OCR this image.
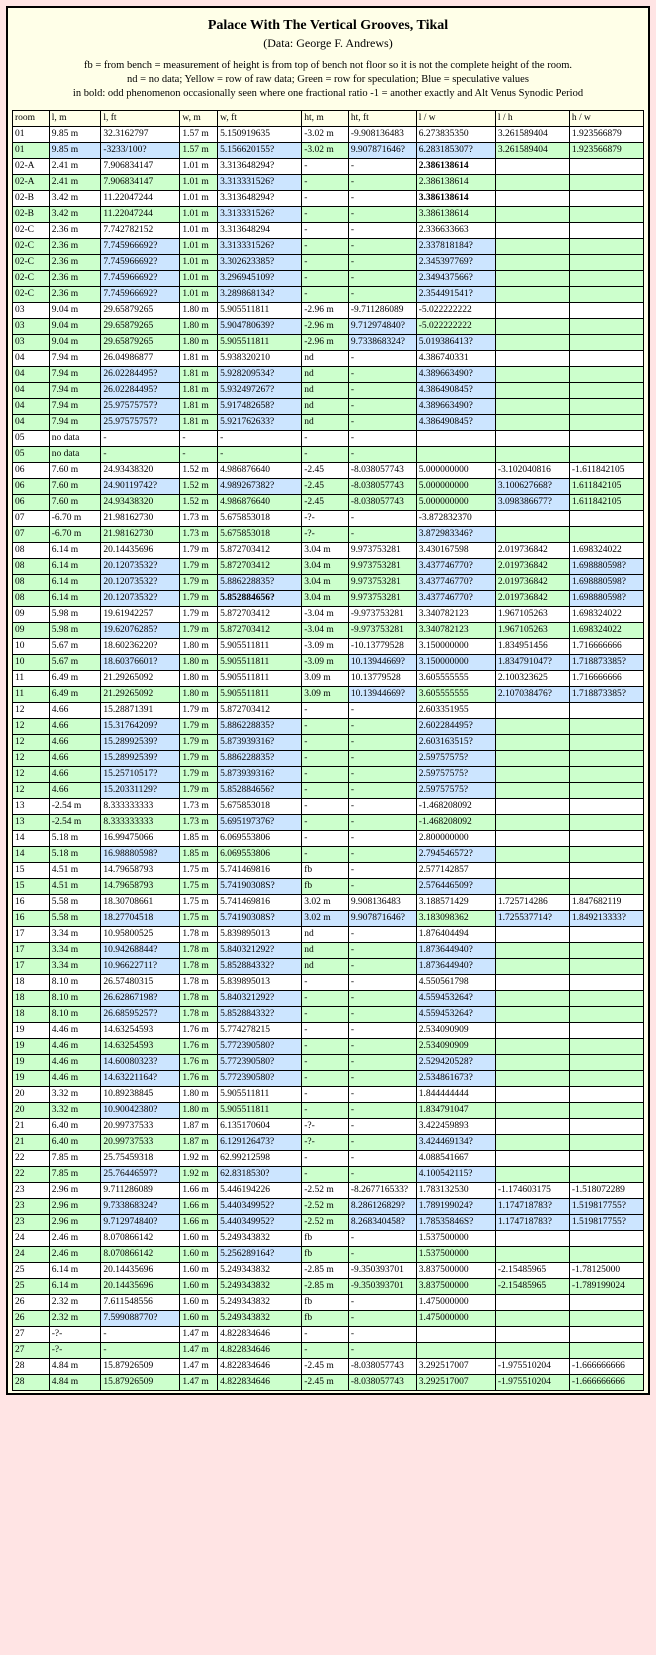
Palace With The Vertical Grooves, Tikal
(Data: George F. Andrews)
fb = from bench = measurement of height is from top of bench not floor so it is not the complete height of the room.
nd = no data; Yellow = row of raw data; Green = row for speculation; Blue = speculative values
in bold: odd phenomenon occasionally seen where one fractional ratio -1 = another exactly and Alt Venus Synodic Period
room	l, m	l, ft	w, m	w, ft	ht, m	ht, ft	l / w	l / h	h / w
01	9.85 m	32.3162797	1.57 m	5.150919635	-3.02 m	-9.908136483	6.273835350	3.261589404	1.923566879
01	9.85 m	-3233/100?	1.57 m	5.156620155?	-3.02 m	9.907871646?	6.283185307?	3.261589404	1.923566879
02-A	2.41 m	7.906834147	1.01 m	3.313648294?	-	-	2.386138614		
02-A	2.41 m	7.906834147	1.01 m	3.313331526?	-	-	2.386138614		
02-B	3.42 m	11.22047244	1.01 m	3.313648294?	-	-	3.386138614		
02-B	3.42 m	11.22047244	1.01 m	3.313331526?	-	-	3.386138614		
02-C	2.36 m	7.742782152	1.01 m	3.313648294	-	-	2.336633663		
02-C	2.36 m	7.745966692?	1.01 m	3.313331526?	-	-	2.337818184?		
02-C	2.36 m	7.745966692?	1.01 m	3.302623385?	-	-	2.345397769?		
02-C	2.36 m	7.745966692?	1.01 m	3.296945109?	-	-	2.349437566?		
02-C	2.36 m	7.745966692?	1.01 m	3.289868134?	-	-	2.354491541?		
03	9.04 m	29.65879265	1.80 m	5.905511811	-2.96 m	-9.711286089	-5.022222222		
03	9.04 m	29.65879265	1.80 m	5.904780639?	-2.96 m	9.712974840?	-5.022222222		
03	9.04 m	29.65879265	1.80 m	5.905511811	-2.96 m	9.733868324?	5.019386413?		
04	7.94 m	26.04986877	1.81 m	5.938320210	nd	-	4.386740331		
04	7.94 m	26.02284495?	1.81 m	5.928209534?	nd	-	4.389663490?		
04	7.94 m	26.02284495?	1.81 m	5.932497267?	nd	-	4.386490845?		
04	7.94 m	25.97575757?	1.81 m	5.917482658?	nd	-	4.389663490?		
04	7.94 m	25.97575757?	1.81 m	5.921762633?	nd	-	4.386490845?		
05	no data	-	-	-	-	-			
05	no data	-	-	-	-	-			
06	7.60 m	24.93438320	1.52 m	4.986876640	-2.45	-8.038057743	5.000000000	-3.102040816	-1.611842105
06	7.60 m	24.90119742?	1.52 m	4.989267382?	-2.45	-8.038057743	5.000000000	3.100627668?	1.611842105
06	7.60 m	24.93438320	1.52 m	4.986876640	-2.45	-8.038057743	5.000000000	3.098386677?	1.611842105
07	-6.70 m	21.98162730	1.73 m	5.675853018	-?-	-	-3.872832370		
07	-6.70 m	21.98162730	1.73 m	5.675853018	-?-	-	3.872983346?		
08	6.14 m	20.14435696	1.79 m	5.872703412	3.04 m	9.973753281	3.430167598	2.019736842	1.698324022
08	6.14 m	20.12073532?	1.79 m	5.872703412	3.04 m	9.973753281	3.437746770?	2.019736842	1.698880598?
08	6.14 m	20.12073532?	1.79 m	5.886228835?	3.04 m	9.973753281	3.437746770?	2.019736842	1.698880598?
08	6.14 m	20.12073532?	1.79 m	5.852884656?	3.04 m	9.973753281	3.437746770?	2.019736842	1.698880598?
09	5.98 m	19.61942257	1.79 m	5.872703412	-3.04 m	-9.973753281	3.340782123	1.967105263	1.698324022
09	5.98 m	19.62076285?	1.79 m	5.872703412	-3.04 m	-9.973753281	3.340782123	1.967105263	1.698324022
10	5.67 m	18.60236220?	1.80 m	5.905511811	-3.09 m	-10.13779528	3.150000000	1.834951456	1.716666666
10	5.67 m	18.60376601?	1.80 m	5.905511811	-3.09 m	10.13944669?	3.150000000	1.834791047?	1.718873385?
11	6.49 m	21.29265092	1.80 m	5.905511811	3.09 m	10.13779528	3.605555555	2.100323625	1.716666666
11	6.49 m	21.29265092	1.80 m	5.905511811	3.09 m	10.13944669?	3.605555555	2.107038476?	1.718873385?
12	4.66	15.28871391	1.79 m	5.872703412	-	-	2.603351955		
12	4.66	15.31764209?	1.79 m	5.886228835?	-	-	2.602284495?		
12	4.66	15.28992539?	1.79 m	5.873939316?	-	-	2.603163515?		
12	4.66	15.28992539?	1.79 m	5.886228835?	-	-	2.59757575?		
12	4.66	15.25710517?	1.79 m	5.873939316?	-	-	2.59757575?		
12	4.66	15.20331129?	1.79 m	5.852884656?	-	-	2.59757575?		
13	-2.54 m	8.333333333	1.73 m	5.675853018	-	-	-1.468208092		
13	-2.54 m	8.333333333	1.73 m	5.695197376?	-	-	-1.468208092		
14	5.18 m	16.99475066	1.85 m	6.069553806	-	-	2.800000000		
14	5.18 m	16.98880598?	1.85 m	6.069553806	-	-	2.794546572?		
15	4.51 m	14.79658793	1.75 m	5.741469816	fb	-	2.577142857		
15	4.51 m	14.79658793	1.75 m	5.74190308S?	fb	-	2.576446509?		
16	5.58 m	18.30708661	1.75 m	5.741469816	3.02 m	9.908136483	3.188571429	1.725714286	1.847682119
16	5.58 m	18.27704518	1.75 m	5.74190308S?	3.02 m	9.907871646?	3.183098362	1.725537714?	1.849213333?
17	3.34 m	10.95800525	1.78 m	5.839895013	nd	-	1.876404494		
17	3.34 m	10.94268844?	1.78 m	5.840321292?	nd	-	1.873644940?		
17	3.34 m	10.96622711?	1.78 m	5.852884332?	nd	-	1.873644940?		
18	8.10 m	26.57480315	1.78 m	5.839895013	-	-	4.550561798		
18	8.10 m	26.62867198?	1.78 m	5.840321292?	-	-	4.559453264?		
18	8.10 m	26.68595257?	1.78 m	5.852884332?	-	-	4.559453264?		
19	4.46 m	14.63254593	1.76 m	5.774278215	-	-	2.534090909		
19	4.46 m	14.63254593	1.76 m	5.772390580?	-	-	2.534090909		
19	4.46 m	14.60080323?	1.76 m	5.772390580?	-	-	2.529420528?		
19	4.46 m	14.63221164?	1.76 m	5.772390580?	-	-	2.534861673?		
20	3.32 m	10.89238845	1.80 m	5.905511811	-	-	1.844444444		
20	3.32 m	10.90042380?	1.80 m	5.905511811	-	-	1.834791047		
21	6.40 m	20.99737533	1.87 m	6.135170604	-?-	-	3.422459893		
21	6.40 m	20.99737533	1.87 m	6.129126473?	-?-	-	3.424469134?		
22	7.85 m	25.75459318	1.92 m	62.99212598	-	-	4.088541667		
22	7.85 m	25.76446597?	1.92 m	62.8318530?	-	-	4.100542115?		
23	2.96 m	9.711286089	1.66 m	5.446194226	-2.52 m	-8.267716533?	1.783132530	-1.174603175	-1.518072289
23	2.96 m	9.733868324?	1.66 m	5.440349952?	-2.52 m	8.286126829?	1.789199024?	1.174718783?	1.519817755?
23	2.96 m	9.712974840?	1.66 m	5.440349952?	-2.52 m	8.268340458?	1.78535846S?	1.174718783?	1.519817755?
24	2.46 m	8.070866142	1.60 m	5.249343832	fb	-	1.537500000		
24	2.46 m	8.070866142	1.60 m	5.256289164?	fb	-	1.537500000		
25	6.14 m	20.14435696	1.60 m	5.249343832	-2.85 m	-9.350393701	3.837500000	-2.15485965	-1.78125000
25	6.14 m	20.14435696	1.60 m	5.249343832	-2.85 m	-9.350393701	3.837500000	-2.15485965	-1.789199024
26	2.32 m	7.611548556	1.60 m	5.249343832	fb	-	1.475000000		
26	2.32 m	7.599088770?	1.60 m	5.249343832	fb	-	1.475000000		
27	-?-	-	1.47 m	4.822834646	-	-			
27	-?-	-	1.47 m	4.822834646	-	-			
28	4.84 m	15.87926509	1.47 m	4.822834646	-2.45 m	-8.038057743	3.292517007	-1.975510204	-1.666666666
28	4.84 m	15.87926509	1.47 m	4.822834646	-2.45 m	-8.038057743	3.292517007	-1.975510204	-1.666666666
